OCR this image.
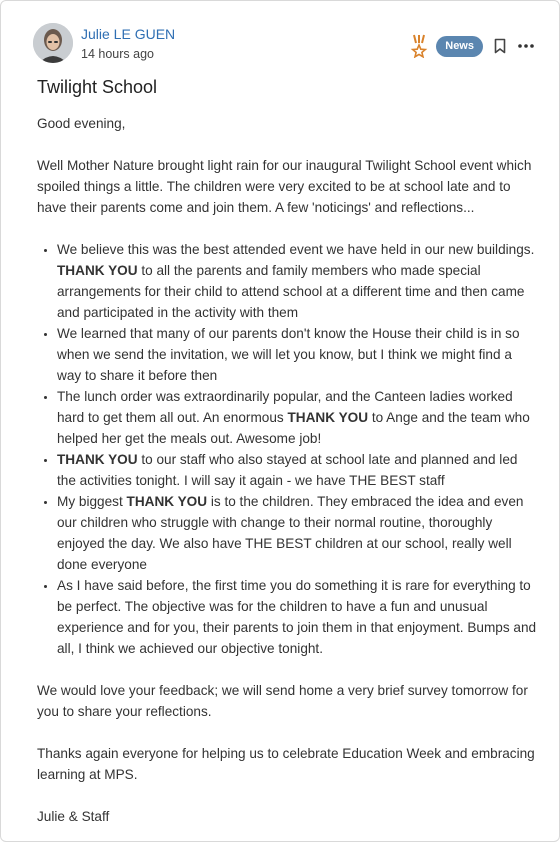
Julie LE GUEN
14 hours ago
News
Twilight School

Good evening,

Well Mother Nature brought light rain for our inaugural Twilight School event which spoiled things a little. The children were very excited to be at school late and to have their parents come and join them. A few 'noticings' and reflections...

• We believe this was the best attended event we have held in our new buildings. THANK YOU to all the parents and family members who made special arrangements for their child to attend school at a different time and then came and participated in the activity with them
• We learned that many of our parents don't know the House their child is in so when we send the invitation, we will let you know, but I think we might find a way to share it before then
• The lunch order was extraordinarily popular, and the Canteen ladies worked hard to get them all out. An enormous THANK YOU to Ange and the team who helped her get the meals out. Awesome job!
• THANK YOU to our staff who also stayed at school late and planned and led the activities tonight. I will say it again - we have THE BEST staff
• My biggest THANK YOU is to the children. They embraced the idea and even our children who struggle with change to their normal routine, thoroughly enjoyed the day. We also have THE BEST children at our school, really well done everyone
• As I have said before, the first time you do something it is rare for everything to be perfect. The objective was for the children to have a fun and unusual experience and for you, their parents to join them in that enjoyment. Bumps and all, I think we achieved our objective tonight.

We would love your feedback; we will send home a very brief survey tomorrow for you to share your reflections.

Thanks again everyone for helping us to celebrate Education Week and embracing learning at MPS.

Julie & Staff
